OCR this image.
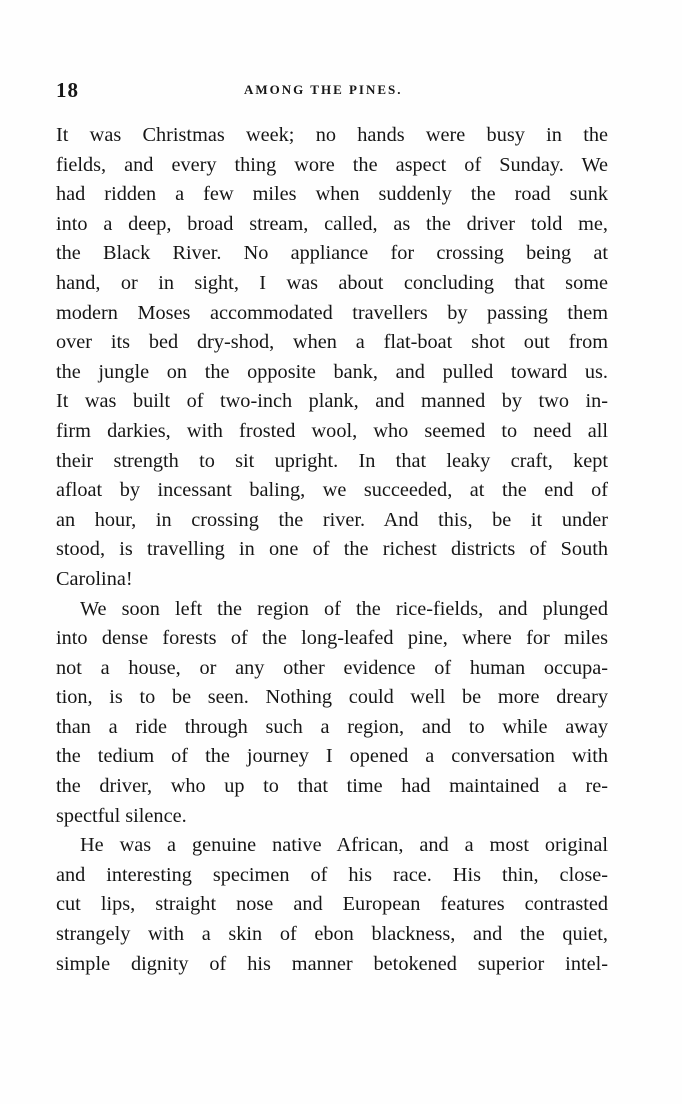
18	AMONG THE PINES.
It was Christmas week; no hands were busy in the
fields, and every thing wore the aspect of Sunday. We
had ridden a few miles when suddenly the road sunk
into a deep, broad stream, called, as the driver told me,
the Black River. No appliance for crossing being at
hand, or in sight, I was about concluding that some
modern Moses accommodated travellers by passing them
over its bed dry-shod, when a flat-boat shot out from
the jungle on the opposite bank, and pulled toward us.
It was built of two-inch plank, and manned by two in-
firm darkies, with frosted wool, who seemed to need all
their strength to sit upright. In that leaky craft, kept
afloat by incessant baling, we succeeded, at the end of
an hour, in crossing the river. And this, be it under
stood, is travelling in one of the richest districts of South
Carolina!
We soon left the region of the rice-fields, and plunged
into dense forests of the long-leafed pine, where for miles
not a house, or any other evidence of human occupa-
tion, is to be seen. Nothing could well be more dreary
than a ride through such a region, and to while away
the tedium of the journey I opened a conversation with
the driver, who up to that time had maintained a re-
spectful silence.
He was a genuine native African, and a most original
and interesting specimen of his race. His thin, close-
cut lips, straight nose and European features contrasted
strangely with a skin of ebon blackness, and the quiet,
simple dignity of his manner betokened superior intel-
